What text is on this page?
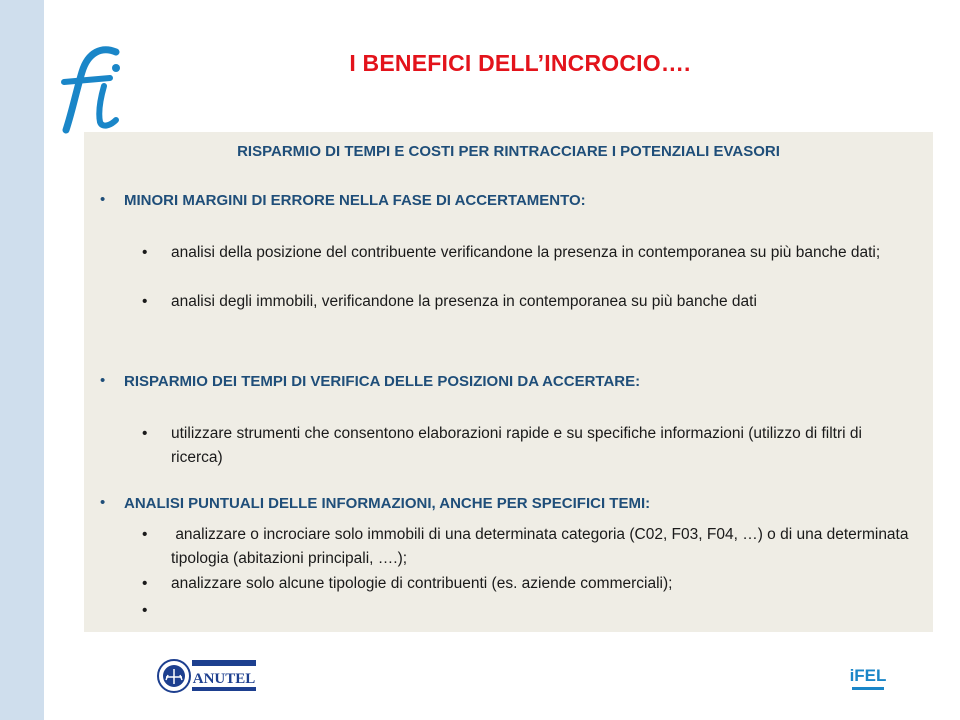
I BENEFICI DELL’INCROCIO….
RISPARMIO DI TEMPI E COSTI PER RINTRACCIARE I POTENZIALI EVASORI
• MINORI MARGINI DI ERRORE NELLA FASE DI ACCERTAMENTO:
• analisi della posizione del contribuente verificandone la presenza in contemporanea su più banche dati;
• analisi degli immobili, verificandone la presenza in contemporanea su più banche dati
• RISPARMIO DEI TEMPI DI VERIFICA DELLE POSIZIONI DA ACCERTARE:
• utilizzare strumenti che consentono elaborazioni rapide e su specifiche informazioni (utilizzo di filtri di ricerca)
• ANALISI PUNTUALI DELLE INFORMAZIONI, ANCHE PER SPECIFICI TEMI:
• analizzare o incrociare solo immobili di una determinata categoria (C02, F03, F04, …) o di una determinata tipologia (abitazioni principali, ….);
• analizzare solo alcune tipologie di contribuenti (es. aziende commerciali);
•
ANUTEL	iFEL
